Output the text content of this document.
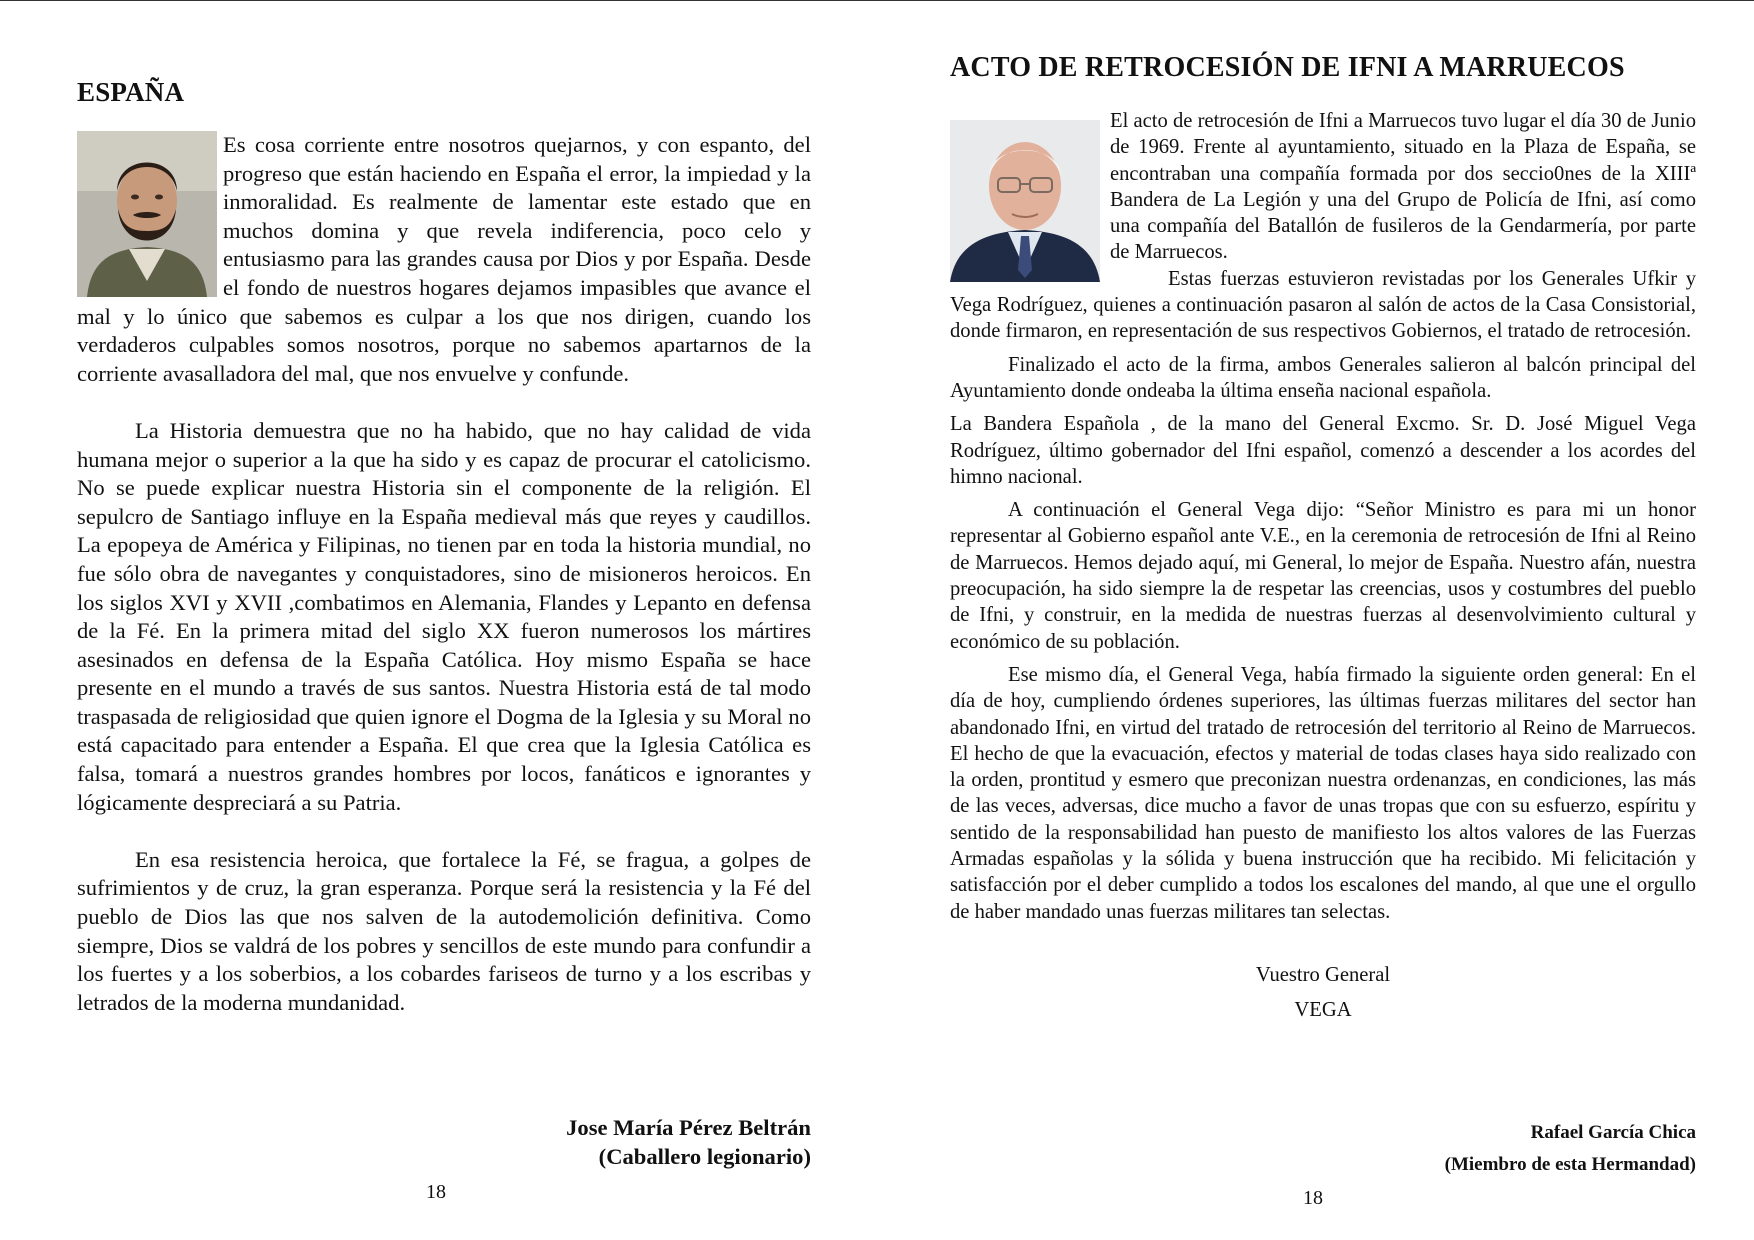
ESPAÑA

Es cosa corriente entre nosotros quejarnos, y con espanto, del progreso que están haciendo en España el error, la impiedad y la inmoralidad. Es realmente de lamentar este estado que en muchos domina y que revela indiferencia, poco celo y entusiasmo para las grandes causa por Dios y por España. Desde el fondo de nuestros hogares dejamos impasibles que avance el mal y lo único que sabemos es culpar a los que nos dirigen, cuando los verdaderos culpables somos nosotros, porque no sabemos apartarnos de la corriente avasalladora del mal, que nos envuelve y confunde.

La Historia demuestra que no ha habido, que no hay calidad de vida humana mejor o superior a la que ha sido y es capaz de procurar el catolicismo. No se puede explicar nuestra Historia sin el componente de la religión. El sepulcro de Santiago influye en la España medieval más que reyes y caudillos. La epopeya de América y Filipinas, no tienen par en toda la historia mundial, no fue sólo obra de navegantes y conquistadores, sino de misioneros heroicos. En los siglos XVI y XVII ,combatimos en Alemania, Flandes y Lepanto en defensa de la Fé. En la primera mitad del siglo XX fueron numerosos los mártires asesinados en defensa de la España Católica. Hoy mismo España se hace presente en el mundo a través de sus santos. Nuestra Historia está de tal modo traspasada de religiosidad que quien ignore el Dogma de la Iglesia y su Moral no está capacitado para entender a España. El que crea que la Iglesia Católica es falsa, tomará a nuestros grandes hombres por locos, fanáticos e ignorantes y lógicamente despreciará a su Patria.

En esa resistencia heroica, que fortalece la Fé, se fragua, a golpes de sufrimientos y de cruz, la gran esperanza. Porque será la resistencia y la Fé del pueblo de Dios las que nos salven de la autodemolición definitiva. Como siempre, Dios se valdrá de los pobres y sencillos de este mundo para confundir a los fuertes y a los soberbios, a los cobardes fariseos de turno y a los escribas y letrados de la moderna mundanidad.

Jose María Pérez Beltrán
(Caballero legionario)

18

ACTO DE RETROCESIÓN DE IFNI A MARRUECOS

El acto de retrocesión de Ifni a Marruecos tuvo lugar el día 30 de Junio de 1969. Frente al ayuntamiento, situado en la Plaza de España, se encontraban una compañía formada por dos seccio0nes de la XIIIª Bandera de La Legión y una del Grupo de Policía de Ifni, así como una compañía del Batallón de fusileros de la Gendarmería, por parte de Marruecos.

Estas fuerzas estuvieron revistadas por los Generales Ufkir y Vega Rodríguez, quienes a continuación pasaron al salón de actos de la Casa Consistorial, donde firmaron, en representación de sus respectivos Gobiernos, el tratado de retrocesión.

Finalizado el acto de la firma, ambos Generales salieron al balcón principal del Ayuntamiento donde ondeaba la última enseña nacional española.

La Bandera Española , de la mano del General Excmo. Sr. D. José Miguel Vega Rodríguez, último gobernador del Ifni español, comenzó a descender a los acordes del himno nacional.

A continuación el General Vega dijo: “Señor Ministro es para mi un honor representar al Gobierno español ante V.E., en la ceremonia de retrocesión de Ifni al Reino de Marruecos. Hemos dejado aquí, mi General, lo mejor de España. Nuestro afán, nuestra preocupación, ha sido siempre la de respetar las creencias, usos y costumbres del pueblo de Ifni, y construir, en la medida de nuestras fuerzas al desenvolvimiento cultural y económico de su población.

Ese mismo día, el General Vega, había firmado la siguiente orden general: En el día de hoy, cumpliendo órdenes superiores, las últimas fuerzas militares del sector han abandonado Ifni, en virtud del tratado de retrocesión del territorio al Reino de Marruecos. El hecho de que la evacuación, efectos y material de todas clases haya sido realizado con la orden, prontitud y esmero que preconizan nuestra ordenanzas, en condiciones, las más de las veces, adversas, dice mucho a favor de unas tropas que con su esfuerzo, espíritu y sentido de la responsabilidad han puesto de manifiesto los altos valores de las Fuerzas Armadas españolas y la sólida y buena instrucción que ha recibido. Mi felicitación y satisfacción por el deber cumplido a todos los escalones del mando, al que une el orgullo de haber mandado unas fuerzas militares tan selectas.

Vuestro General
VEGA

Rafael García Chica
(Miembro de esta Hermandad)

18
